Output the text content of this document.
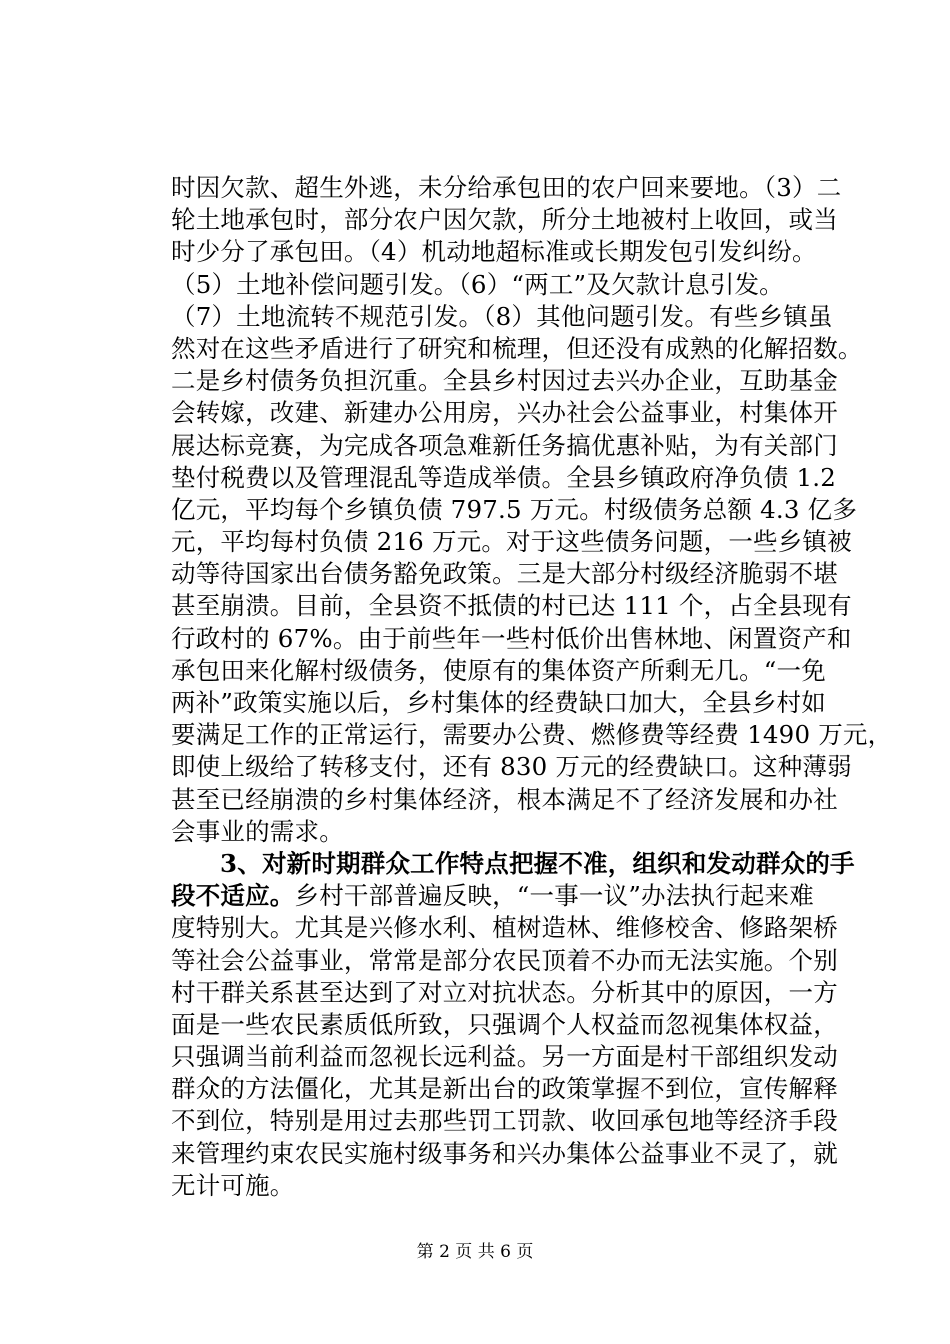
时因欠款、超生外逃，未分给承包田的农户回来要地。（3）二
轮土地承包时，部分农户因欠款，所分土地被村上收回，或当
时少分了承包田。（4）机动地超标准或长期发包引发纠纷。
（5）土地补偿问题引发。（6）“两工”及欠款计息引发。
（7）土地流转不规范引发。（8）其他问题引发。有些乡镇虽
然对在这些矛盾进行了研究和梳理，但还没有成熟的化解招数。
二是乡村债务负担沉重。全县乡村因过去兴办企业，互助基金
会转嫁，改建、新建办公用房，兴办社会公益事业，村集体开
展达标竞赛，为完成各项急难新任务搞优惠补贴，为有关部门
垫付税费以及管理混乱等造成举债。全县乡镇政府净负债 1.2
亿元，平均每个乡镇负债 797.5 万元。村级债务总额 4.3 亿多
元，平均每村负债 216 万元。对于这些债务问题，一些乡镇被
动等待国家出台债务豁免政策。三是大部分村级经济脆弱不堪
甚至崩溃。目前，全县资不抵债的村已达 111 个，占全县现有
行政村的 67%。由于前些年一些村低价出售林地、闲置资产和
承包田来化解村级债务，使原有的集体资产所剩无几。“一免
两补”政策实施以后，乡村集体的经费缺口加大，全县乡村如
要满足工作的正常运行，需要办公费、燃修费等经费 1490 万元，
即使上级给了转移支付，还有 830 万元的经费缺口。这种薄弱
甚至已经崩溃的乡村集体经济，根本满足不了经济发展和办社
会事业的需求。
3、对新时期群众工作特点把握不准，组织和发动群众的手
段不适应。乡村干部普遍反映，“一事一议”办法执行起来难
度特别大。尤其是兴修水利、植树造林、维修校舍、修路架桥
等社会公益事业，常常是部分农民顶着不办而无法实施。个别
村干群关系甚至达到了对立对抗状态。分析其中的原因，一方
面是一些农民素质低所致，只强调个人权益而忽视集体权益，
只强调当前利益而忽视长远利益。另一方面是村干部组织发动
群众的方法僵化，尤其是新出台的政策掌握不到位，宣传解释
不到位，特别是用过去那些罚工罚款、收回承包地等经济手段
来管理约束农民实施村级事务和兴办集体公益事业不灵了，就
无计可施。
第 2 页 共 6 页
